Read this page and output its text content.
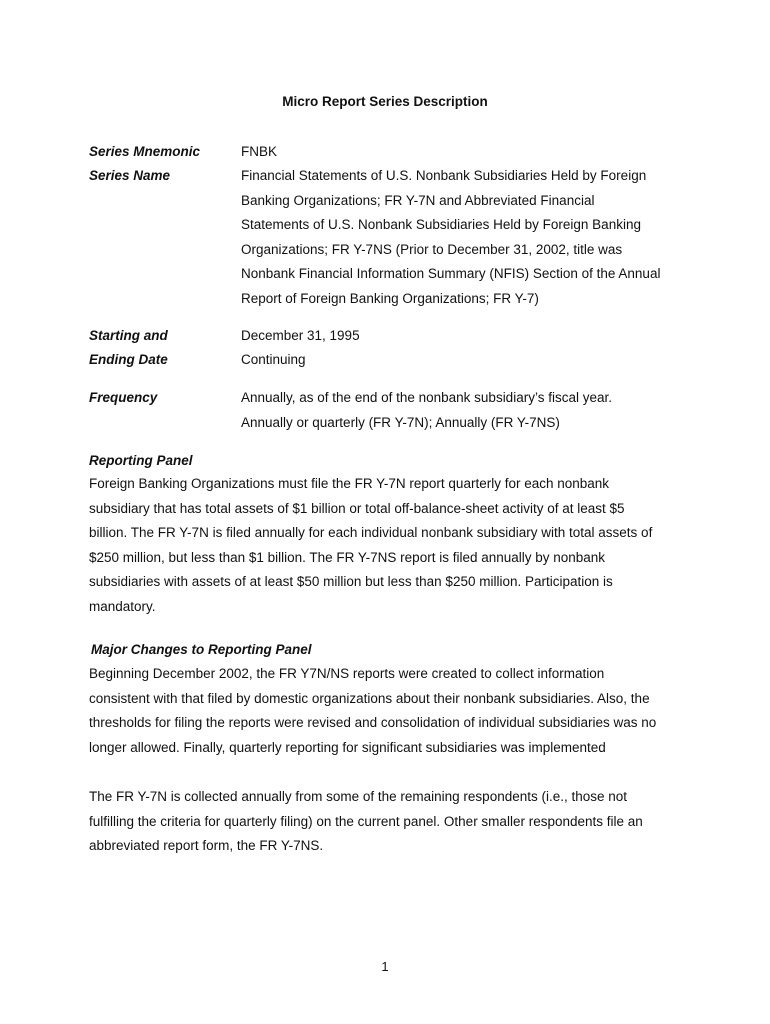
Micro Report Series Description
Series Mnemonic	FNBK
Series Name	Financial Statements of U.S. Nonbank Subsidiaries Held by Foreign
Banking Organizations; FR Y-7N and Abbreviated Financial
Statements of U.S. Nonbank Subsidiaries Held by Foreign Banking
Organizations; FR Y-7NS (Prior to December 31, 2002, title was
Nonbank Financial Information Summary (NFIS) Section of the Annual
Report of Foreign Banking Organizations; FR Y-7)
Starting and	December 31, 1995
Ending Date	Continuing
Frequency	Annually, as of the end of the nonbank subsidiary’s fiscal year.
Annually or quarterly (FR Y-7N); Annually (FR Y-7NS)
Reporting Panel
Foreign Banking Organizations must file the FR Y-7N report quarterly for each nonbank
subsidiary that has total assets of $1 billion or total off-balance-sheet activity of at least $5
billion. The FR Y-7N is filed annually for each individual nonbank subsidiary with total assets of
$250 million, but less than $1 billion. The FR Y-7NS report is filed annually by nonbank
subsidiaries with assets of at least $50 million but less than $250 million. Participation is
mandatory.
Major Changes to Reporting Panel
Beginning December 2002, the FR Y7N/NS reports were created to collect information
consistent with that filed by domestic organizations about their nonbank subsidiaries. Also, the
thresholds for filing the reports were revised and consolidation of individual subsidiaries was no
longer allowed. Finally, quarterly reporting for significant subsidiaries was implemented
The FR Y-7N is collected annually from some of the remaining respondents (i.e., those not
fulfilling the criteria for quarterly filing) on the current panel. Other smaller respondents file an
abbreviated report form, the FR Y-7NS.
1
